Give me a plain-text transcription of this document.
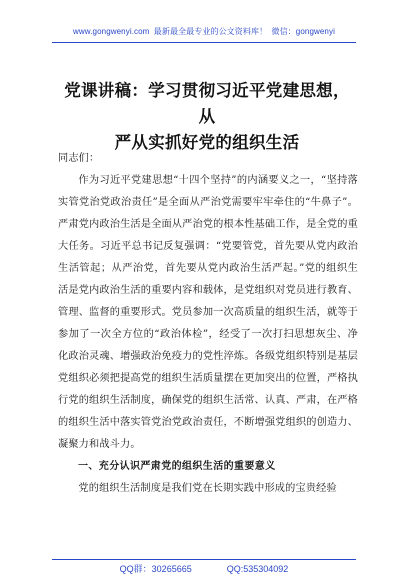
www.gongwenyi.com 最新最全最专业的公文资料库！ 微信：gongwenyi
党课讲稿：学习贯彻习近平党建思想，从
严从实抓好党的组织生活

同志们：

作为习近平党建思想“十四个坚持”的内涵要义之一，“坚持落实管党治党政治责任”是全面从严治党需要牢牢牵住的“牛鼻子”。严肃党内政治生活是全面从严治党的根本性基础工作，是全党的重大任务。习近平总书记反复强调：“党要管党，首先要从党内政治生活管起；从严治党，首先要从党内政治生活严起。”党的组织生活是党内政治生活的重要内容和载体，是党组织对党员进行教育、管理、监督的重要形式。党员参加一次高质量的组织生活，就等于参加了一次全方位的“政治体检”，经受了一次打扫思想灰尘、净化政治灵魂、增强政治免疫力的党性淬炼。各级党组织特别是基层党组织必须把提高党的组织生活质量摆在更加突出的位置，严格执行党的组织生活制度，确保党的组织生活常、认真、严肃，在严格的组织生活中落实管党治党政治责任，不断增强党组织的创造力、凝聚力和战斗力。

一、充分认识严肃党的组织生活的重要意义

党的组织生活制度是我们党在长期实践中形成的宝贵经验

QQ群：30265665	QQ:535304092
